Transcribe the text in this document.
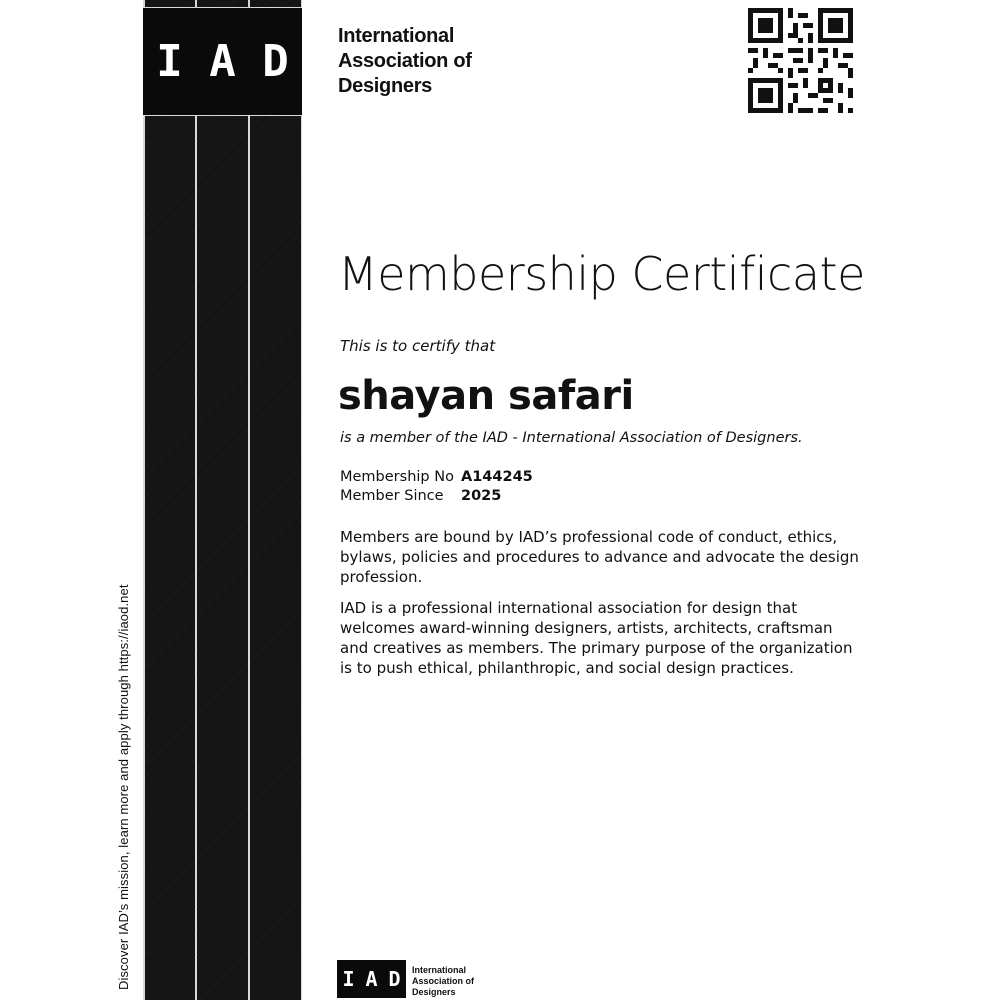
Discover IAD’s mission, learn more and apply through https://iaod.net
I A D	International
Association of
Designers
Membership Certificate
This is to certify that
shayan safari
is a member of the IAD - International Association of Designers.
Membership No A144245
Member Since	2025
Members are bound by IAD’s professional code of conduct, ethics,
bylaws, policies and procedures to advance and advocate the design
profession.
IAD is a professional international association for design that
welcomes award-winning designers, artists, architects, craftsman
and creatives as members. The primary purpose of the organization
is to push ethical, philanthropic, and social design practices.
I A D International
Association of
Designers
